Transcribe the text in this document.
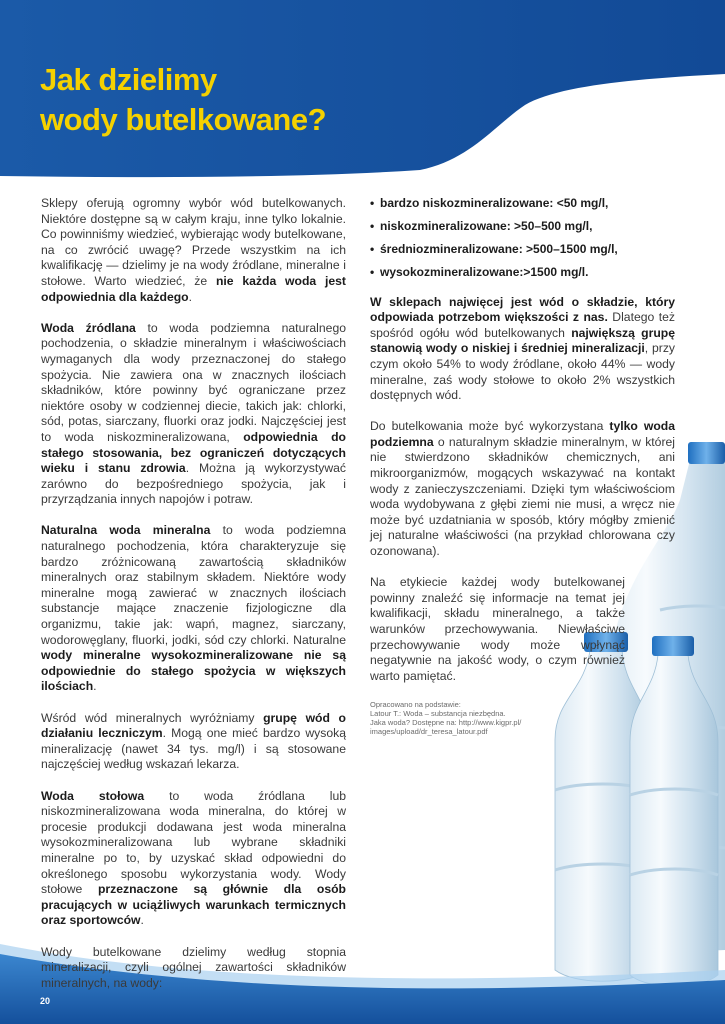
Jak dzielimy
wody butelkowane?

Sklepy oferują ogromny wybór wód butelkowanych. Niektóre dostępne są w całym kraju, inne tylko lokalnie. Co powinniśmy wiedzieć, wybierając wody butelkowane, na co zwrócić uwagę? Przede wszystkim na ich kwalifikację — dzielimy je na wody źródlane, mineralne i stołowe. Warto wiedzieć, że nie każda woda jest odpowiednia dla każdego.

Woda źródlana to woda podziemna naturalnego pochodzenia, o składzie mineralnym i właściwościach wymaganych dla wody przeznaczonej do stałego spożycia. Nie zawiera ona w znacznych ilościach składników, które powinny być ograniczane przez niektóre osoby w codziennej diecie, takich jak: chlorki, sód, potas, siarczany, fluorki oraz jodki. Najczęściej jest to woda niskozmineralizowana, odpowiednia do stałego stosowania, bez ograniczeń dotyczących wieku i stanu zdrowia. Można ją wykorzystywać zarówno do bezpośredniego spożycia, jak i przyrządzania innych napojów i potraw.

Naturalna woda mineralna to woda podziemna naturalnego pochodzenia, która charakteryzuje się bardzo zróżnicowaną zawartością składników mineralnych oraz stabilnym składem. Niektóre wody mineralne mogą zawierać w znacznych ilościach substancje mające znaczenie fizjologiczne dla organizmu, takie jak: wapń, magnez, siarczany, wodorowęglany, fluorki, jodki, sód czy chlorki. Naturalne wody mineralne wysokozmineralizowane nie są odpowiednie do stałego spożycia w większych ilościach.

Wśród wód mineralnych wyróżniamy grupę wód o działaniu leczniczym. Mogą one mieć bardzo wysoką mineralizację (nawet 34 tys. mg/l) i są stosowane najczęściej według wskazań lekarza.

Woda stołowa to woda źródlana lub niskozmineralizowana woda mineralna, do której w procesie produkcji dodawana jest woda mineralna wysokozmineralizowana lub wybrane składniki mineralne po to, by uzyskać skład odpowiedni do określonego sposobu wykorzystania wody. Wody stołowe przeznaczone są głównie dla osób pracujących w uciążliwych warunkach termicznych oraz sportowców.

Wody butelkowane dzielimy według stopnia mineralizacji, czyli ogólnej zawartości składników mineralnych, na wody:

• bardzo niskozmineralizowane: <50 mg/l,
• niskozmineralizowane: >50–500 mg/l,
• średniozmineralizowane: >500–1500 mg/l,
• wysokozmineralizowane:>1500 mg/l.

W sklepach najwięcej jest wód o składzie, który odpowiada potrzebom większości z nas. Dlatego też spośród ogółu wód butelkowanych największą grupę stanowią wody o niskiej i średniej mineralizacji, przy czym około 54% to wody źródlane, około 44% — wody mineralne, zaś wody stołowe to około 2% wszystkich dostępnych wód.

Do butelkowania może być wykorzystana tylko woda podziemna o naturalnym składzie mineralnym, w której nie stwierdzono składników chemicznych, ani mikroorganizmów, mogących wskazywać na kontakt wody z zanieczyszczeniami. Dzięki tym właściwościom woda wydobywana z głębi ziemi nie musi, a wręcz nie może być uzdatniania w sposób, który mógłby zmienić jej naturalne właściwości (na przykład chlorowana czy ozonowana).

Na etykiecie każdej wody butelkowanej powinny znaleźć się informacje na temat jej kwalifikacji, składu mineralnego, a także warunków przechowywania. Niewłaściwe przechowywanie wody może wpłynąć negatywnie na jakość wody, o czym również warto pamiętać.

Opracowano na podstawie:
Latour T.: Woda – substancja niezbędna.
Jaka woda? Dostępne na: http://www.kigpr.pl/
images/upload/dr_teresa_latour.pdf
20
